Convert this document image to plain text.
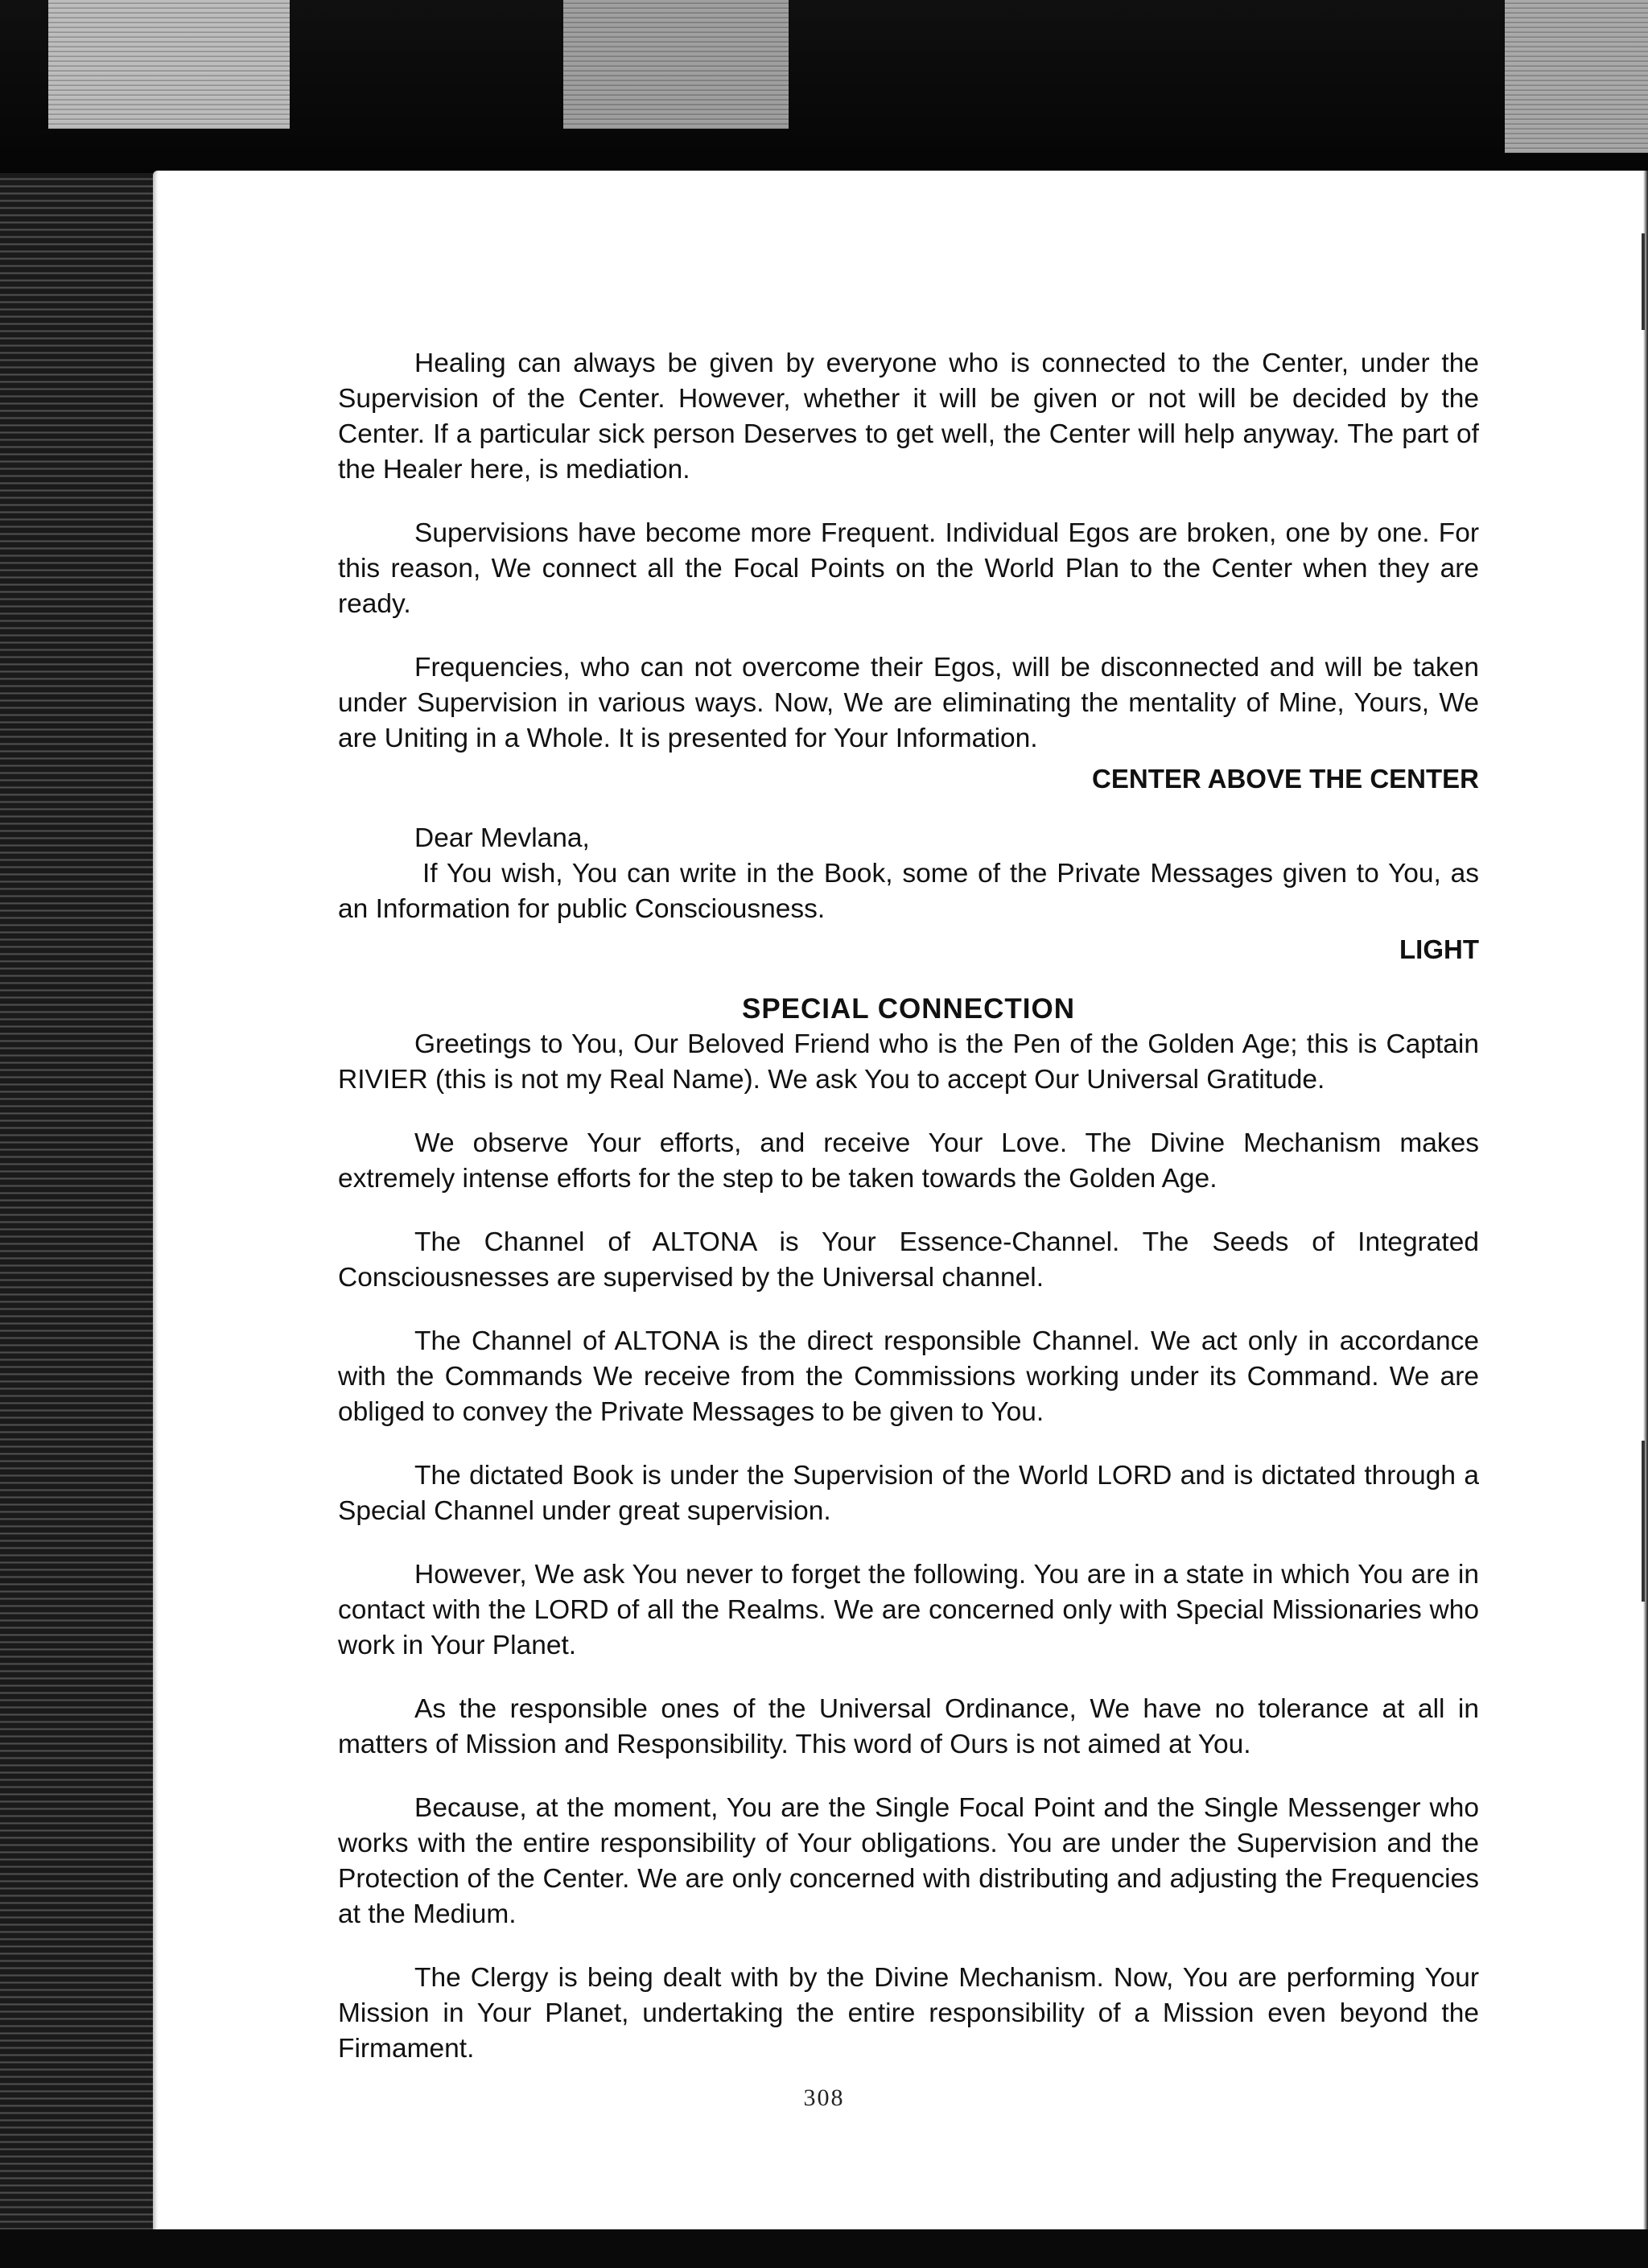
Healing can always be given by everyone who is connected to the Center, under the Supervision of the Center. However, whether it will be given or not will be decided by the Center. If a particular sick person Deserves to get well, the Center will help anyway. The part of the Healer here, is mediation.

Supervisions have become more Frequent. Individual Egos are broken, one by one. For this reason, We connect all the Focal Points on the World Plan to the Center when they are ready.

Frequencies, who can not overcome their Egos, will be disconnected and will be taken under Supervision in various ways. Now, We are eliminating the mentality of Mine, Yours, We are Uniting in a Whole. It is presented for Your Information.

CENTER ABOVE THE CENTER

Dear Mevlana,

If You wish, You can write in the Book, some of the Private Messages given to You, as an Information for public Consciousness.

LIGHT

SPECIAL CONNECTION

Greetings to You, Our Beloved Friend who is the Pen of the Golden Age; this is Captain RIVIER (this is not my Real Name). We ask You to accept Our Universal Gratitude.

We observe Your efforts, and receive Your Love. The Divine Mechanism makes extremely intense efforts for the step to be taken towards the Golden Age.

The Channel of ALTONA is Your Essence-Channel. The Seeds of Integrated Consciousnesses are supervised by the Universal channel.

The Channel of ALTONA is the direct responsible Channel. We act only in accordance with the Commands We receive from the Commissions working under its Command. We are obliged to convey the Private Messages to be given to You.

The dictated Book is under the Supervision of the World LORD and is dictated through a Special Channel under great supervision.

However, We ask You never to forget the following. You are in a state in which You are in contact with the LORD of all the Realms. We are concerned only with Special Missionaries who work in Your Planet.

As the responsible ones of the Universal Ordinance, We have no tolerance at all in matters of Mission and Responsibility. This word of Ours is not aimed at You.

Because, at the moment, You are the Single Focal Point and the Single Messenger who works with the entire responsibility of Your obligations. You are under the Supervision and the Protection of the Center. We are only concerned with distributing and adjusting the Frequencies at the Medium.

The Clergy is being dealt with by the Divine Mechanism. Now, You are performing Your Mission in Your Planet, undertaking the entire responsibility of a Mission even beyond the Firmament.

308
